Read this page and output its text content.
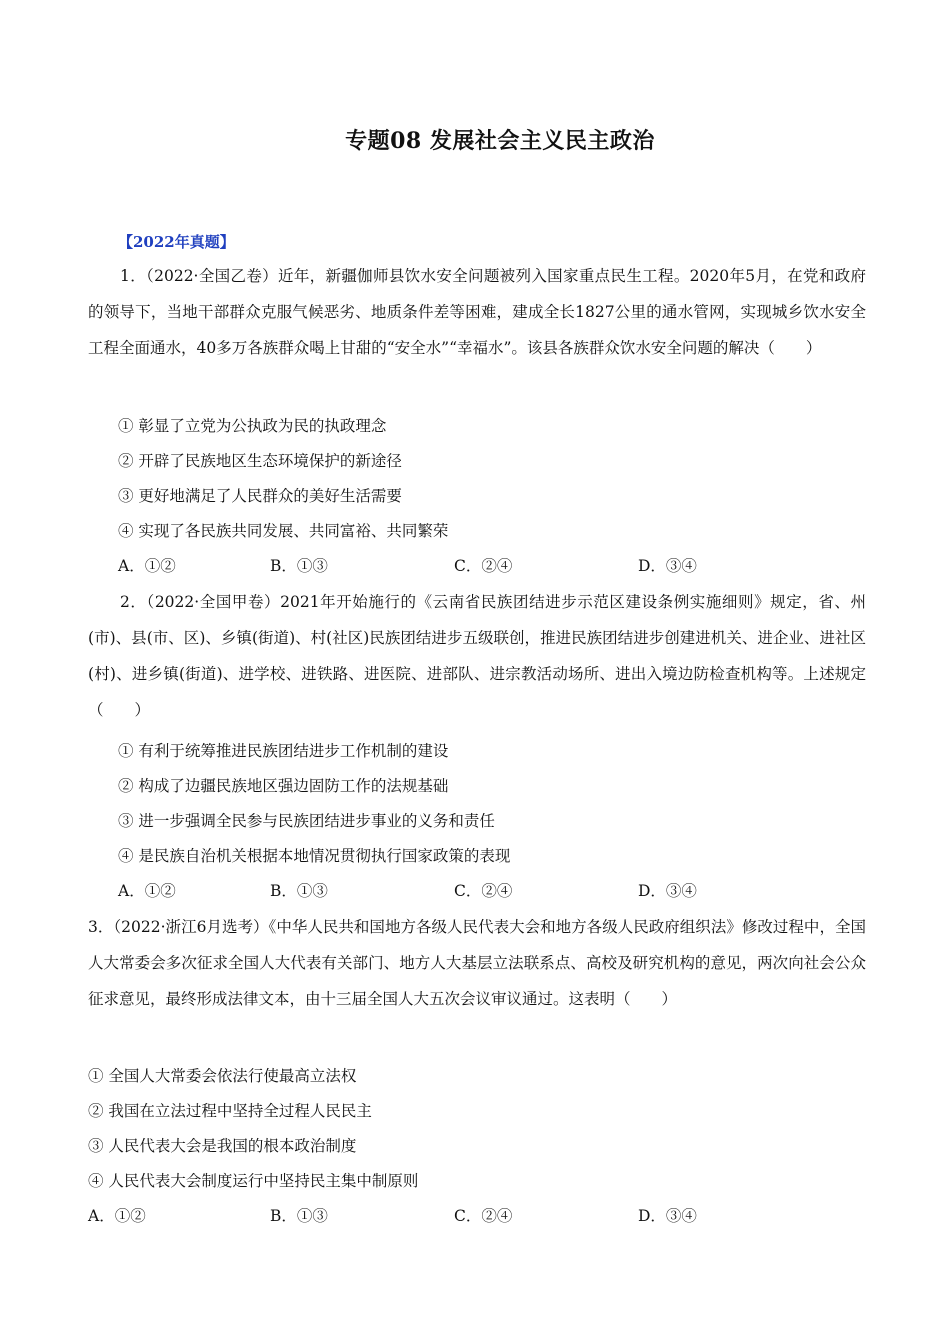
专题08 发展社会主义民主政治
【2022年真题】
1．（2022·全国乙卷）近年，新疆伽师县饮水安全问题被列入国家重点民生工程。2020年5月，在党和政府的领导下，当地干部群众克服气候恶劣、地质条件差等困难，建成全长1827公里的通水管网，实现城乡饮水安全工程全面通水，40多万各族群众喝上甘甜的“安全水”“幸福水”。该县各族群众饮水安全问题的解决（　　）
① 彰显了立党为公执政为民的执政理念
② 开辟了民族地区生态环境保护的新途径
③ 更好地满足了人民群众的美好生活需要
④ 实现了各民族共同发展、共同富裕、共同繁荣
A．①②	B．①③	C．②④	D．③④
2．（2022·全国甲卷）2021年开始施行的《云南省民族团结进步示范区建设条例实施细则》规定，省、州(市)、县(市、区)、乡镇(街道)、村(社区)民族团结进步五级联创，推进民族团结进步创建进机关、进企业、进社区(村)、进乡镇(街道)、进学校、进铁路、进医院、进部队、进宗教活动场所、进出入境边防检查机构等。上述规定（　　）
① 有利于统筹推进民族团结进步工作机制的建设
② 构成了边疆民族地区强边固防工作的法规基础
③ 进一步强调全民参与民族团结进步事业的义务和责任
④ 是民族自治机关根据本地情况贯彻执行国家政策的表现
A．①②	B．①③	C．②④	D．③④
3．（2022·浙江6月选考）《中华人民共和国地方各级人民代表大会和地方各级人民政府组织法》修改过程中，全国人大常委会多次征求全国人大代表有关部门、地方人大基层立法联系点、高校及研究机构的意见，两次向社会公众征求意见，最终形成法律文本，由十三届全国人大五次会议审议通过。这表明（　　）
① 全国人大常委会依法行使最高立法权
② 我国在立法过程中坚持全过程人民民主
③ 人民代表大会是我国的根本政治制度
④ 人民代表大会制度运行中坚持民主集中制原则
A．①②	B．①③	C．②④	D．③④
